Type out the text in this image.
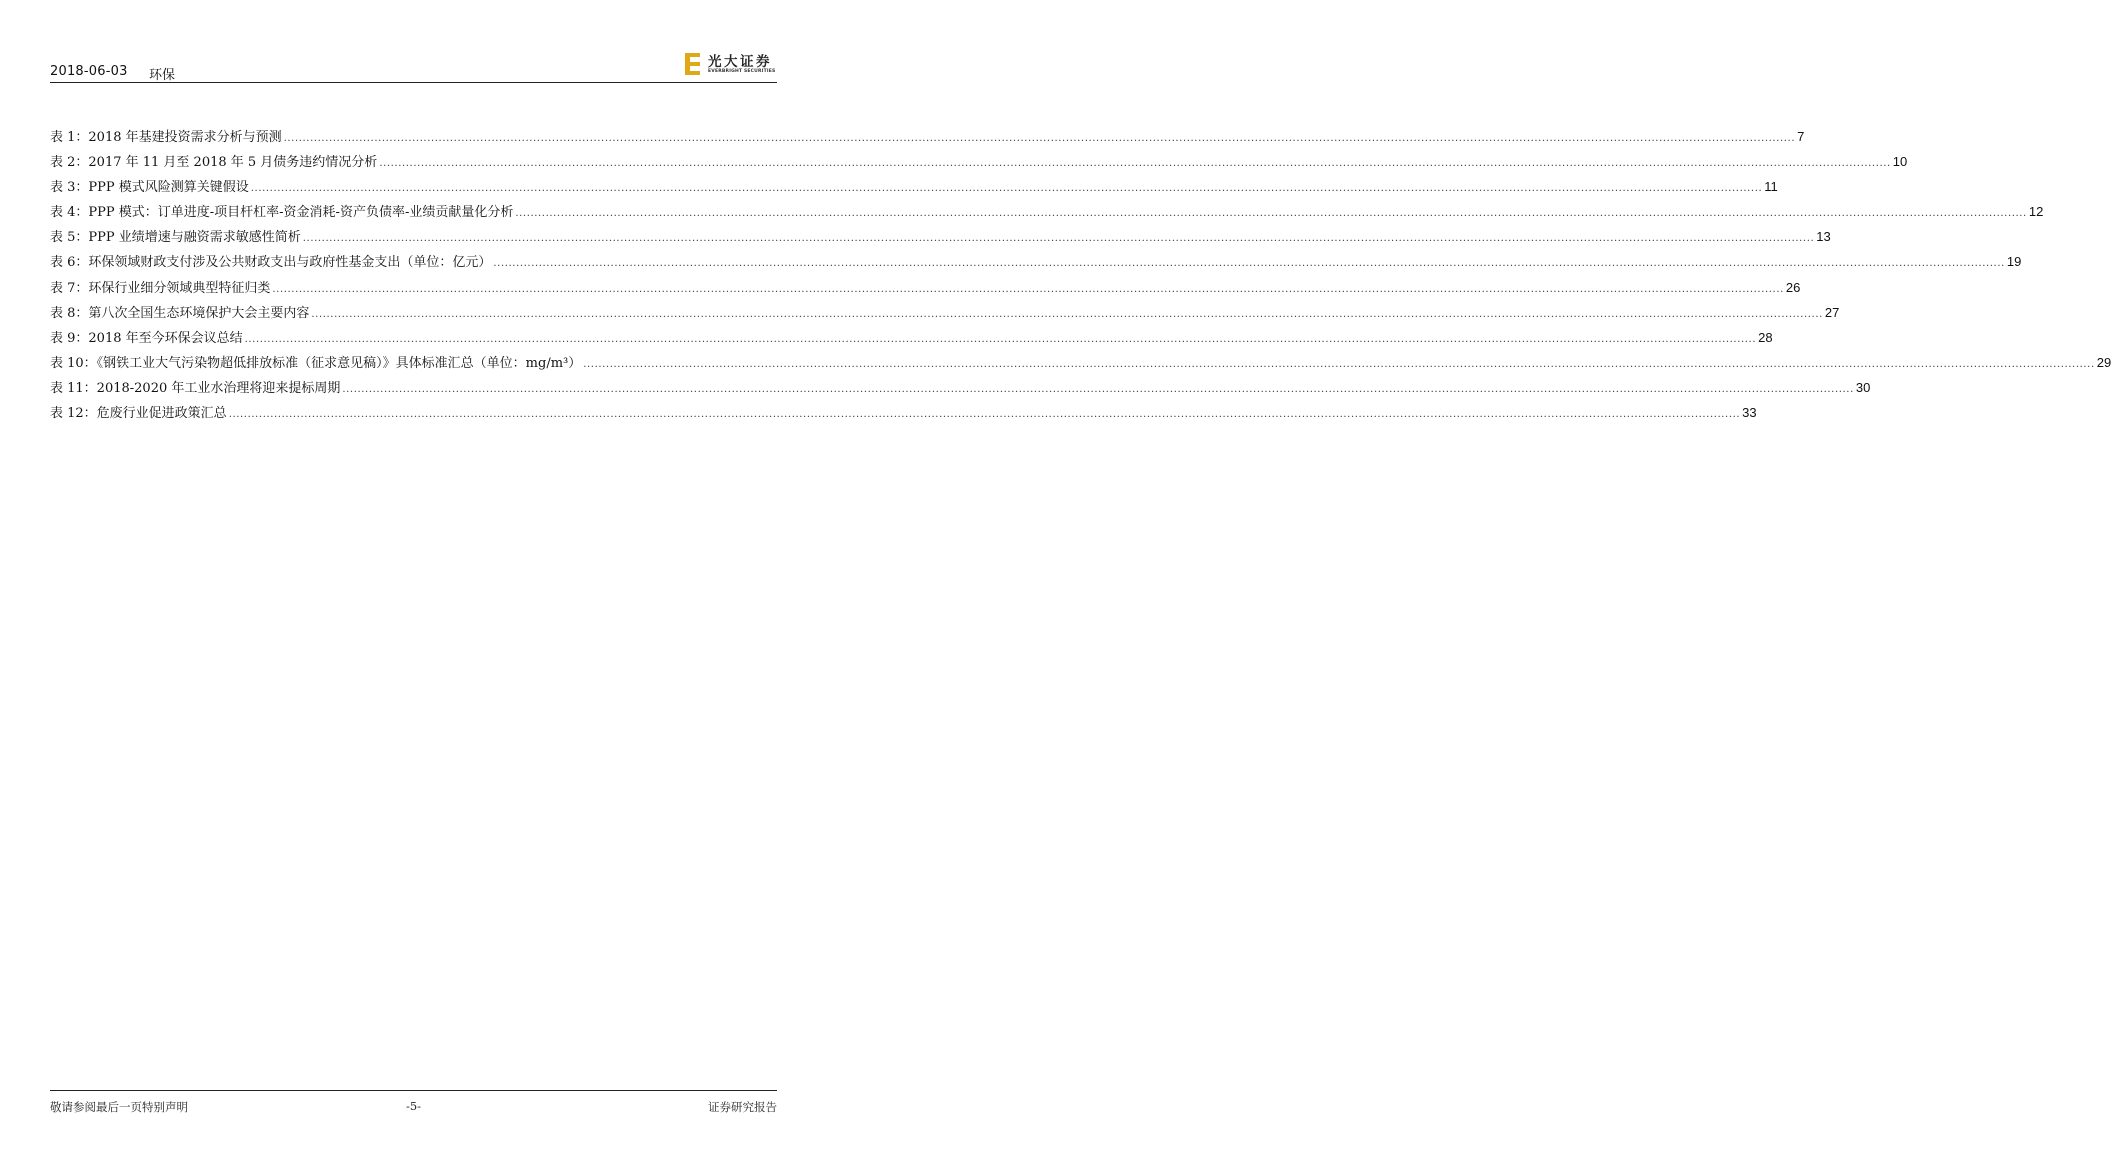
2018-06-03 环保
光大证券
EVERBRIGHT SECURITIES
表 1：2018 年基建投资需求分析与预测 ................................................................................................................................................................................................................................................................................................................................................................................................................ 7
表 2：2017 年 11 月至 2018 年 5 月债务违约情况分析 ................................................................................................................................................................................................................................................................................................................................................................................................................ 10
表 3：PPP 模式风险测算关键假设 ................................................................................................................................................................................................................................................................................................................................................................................................................ 11
表 4：PPP 模式：订单进度-项目杆杠率-资金消耗-资产负债率-业绩贡献量化分析 ................................................................................................................................................................................................................................................................................................................................................................................................................ 12
表 5：PPP 业绩增速与融资需求敏感性简析 ................................................................................................................................................................................................................................................................................................................................................................................................................ 13
表 6：环保领域财政支付涉及公共财政支出与政府性基金支出（单位：亿元） ................................................................................................................................................................................................................................................................................................................................................................................................................ 19
表 7：环保行业细分领域典型特征归类 ................................................................................................................................................................................................................................................................................................................................................................................................................ 26
表 8：第八次全国生态环境保护大会主要内容 ................................................................................................................................................................................................................................................................................................................................................................................................................ 27
表 9：2018 年至今环保会议总结 ................................................................................................................................................................................................................................................................................................................................................................................................................ 28
表 10：《钢铁工业大气污染物超低排放标准（征求意见稿）》具体标准汇总（单位：mg/m³） ................................................................................................................................................................................................................................................................................................................................................................................................................ 29
表 11：2018-2020 年工业水治理将迎来提标周期 ................................................................................................................................................................................................................................................................................................................................................................................................................ 30
表 12：危废行业促进政策汇总 ................................................................................................................................................................................................................................................................................................................................................................................................................ 33
敬请参阅最后一页特别声明	-5-	证券研究报告
